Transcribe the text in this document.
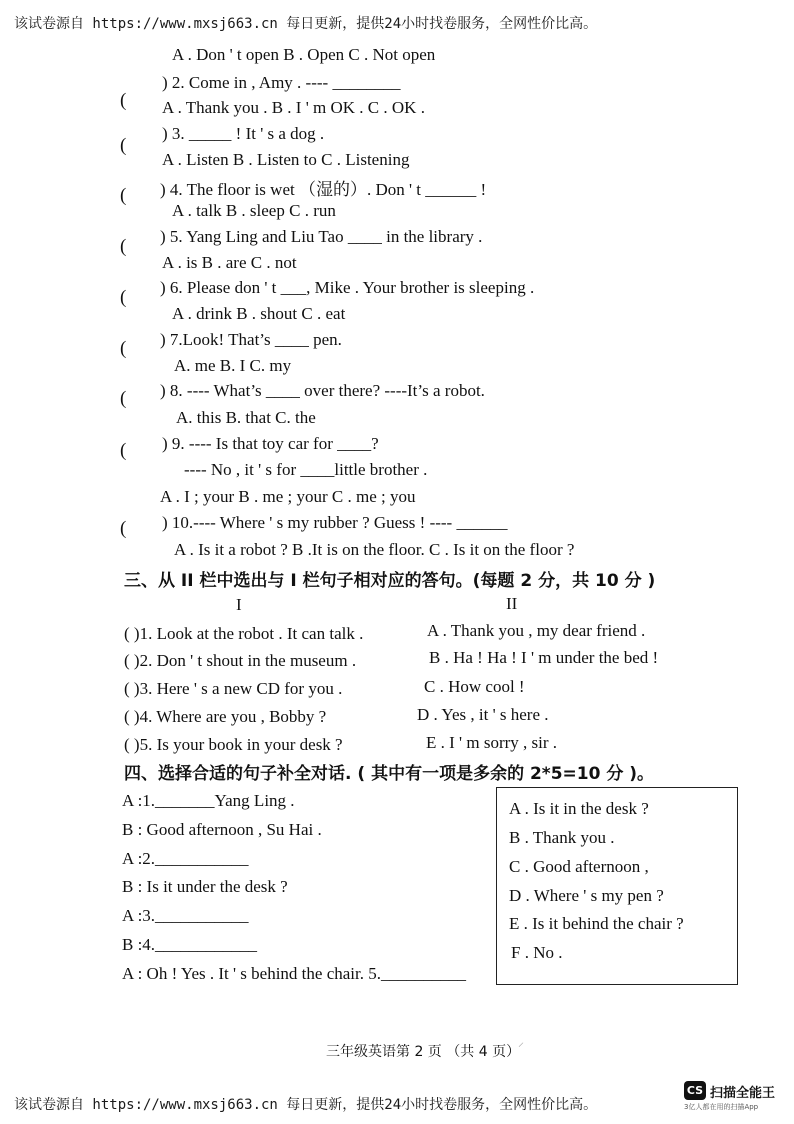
该试卷源自 https://www.mxsj663.cn 每日更新，提供24小时找卷服务，全网性价比高。
A . Don ' t open B . Open C . Not open
(
) 2. Come in , Amy . ---- ________
A . Thank you . B . I ' m OK . C . OK .
(
) 3. _____ ! It ' s a dog .
A . Listen B . Listen to C . Listening
( ) 4. The floor is wet （湿的）. Don ' t ______ !
A . talk B . sleep C . run
( ) 5. Yang Ling and Liu Tao ____ in the library .
A . is B . are C . not
( ) 6. Please don ' t ___, Mike . Your brother is sleeping .
A . drink B . shout C . eat
( ) 7.Look! That’s ____ pen.
A. me B. I C. my
( ) 8. ---- What’s ____ over there? ----It’s a robot.
A. this B. that C. the
( ) 9. ---- Is that toy car for ____?
---- No , it ' s for ____little brother .
A . I ; your B . me ; your C . me ; you
( ) 10.---- Where ' s my rubber ? Guess ! ---- ______
A . Is it a robot ? B .It is on the floor. C . Is it on the floor ?
三、从 II 栏中选出与 I 栏句子相对应的答句。(每题 2 分，共 10 分 )
I	II
( )1. Look at the robot . It can talk .	A . Thank you , my dear friend .
( )2. Don ' t shout in the museum .	B . Ha ! Ha ! I ' m under the bed !
( )3. Here ' s a new CD for you .	C . How cool !
( )4. Where are you , Bobby ?	D . Yes , it ' s here .
( )5. Is your book in your desk ?	E . I ' m sorry , sir .
四、选择合适的句子补全对话. ( 其中有一项是多余的 2*5=10 分 )。
A :1._______Yang Ling .
B : Good afternoon , Su Hai .
A :2.___________
B : Is it under the desk ?
A :3.___________
B :4.____________
A : Oh ! Yes . It ' s behind the chair. 5.__________
A . Is it in the desk ?
B . Thank you .
C . Good afternoon ,
D . Where ' s my pen ?
E . Is it behind the chair ?
F . No .
三年级英语第 2 页 （共 4 页）
⸝
该试卷源自 https://www.mxsj663.cn 每日更新，提供24小时找卷服务，全网性价比高。
CS 扫描全能王
3亿人都在用的扫描App
